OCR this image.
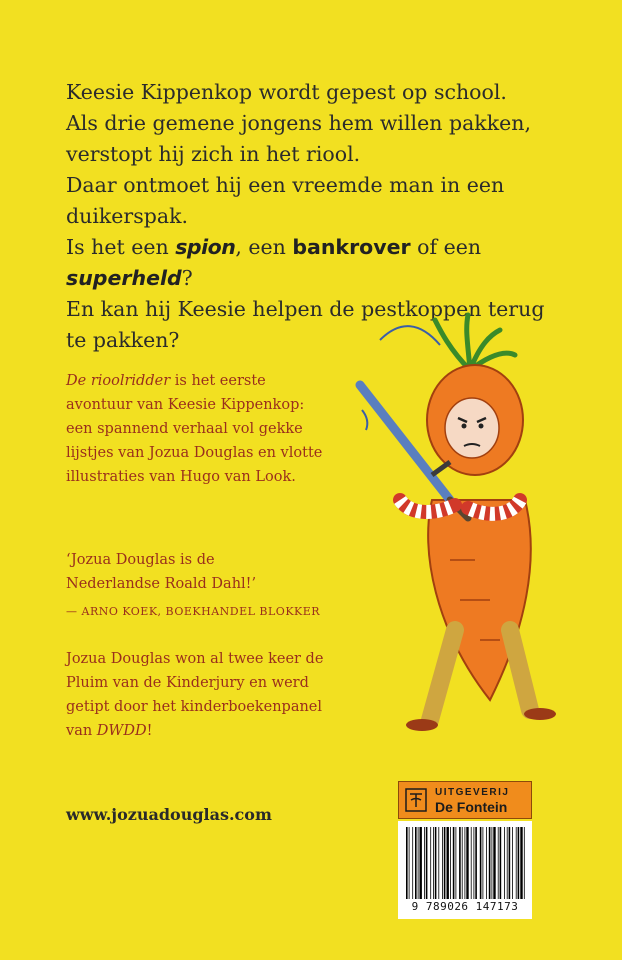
Keesie Kippenkop wordt gepest op school.

Als drie gemene jongens hem willen pakken,

verstopt hij zich in het riool.

Daar ontmoet hij een vreemde man in een

duikerspak.

Is het een spion, een bankrover of een superheld?

En kan hij Keesie helpen de pestkoppen terug

te pakken?

De rioolridder is het eerste

avontuur van Keesie Kippenkop:

een spannend verhaal vol gekke

lijstjes van Jozua Douglas en vlotte

illustraties van Hugo van Look.

‘Jozua Douglas is de

Nederlandse Roald Dahl!’

— ARNO KOEK, BOEKHANDEL BLOKKER

Jozua Douglas won al twee keer de

Pluim van de Kinderjury en werd

getipt door het kinderboekenpanel

van DWDD!

www.jozuadouglas.com
UITGEVERIJ
De Fontein
9 789026 147173
